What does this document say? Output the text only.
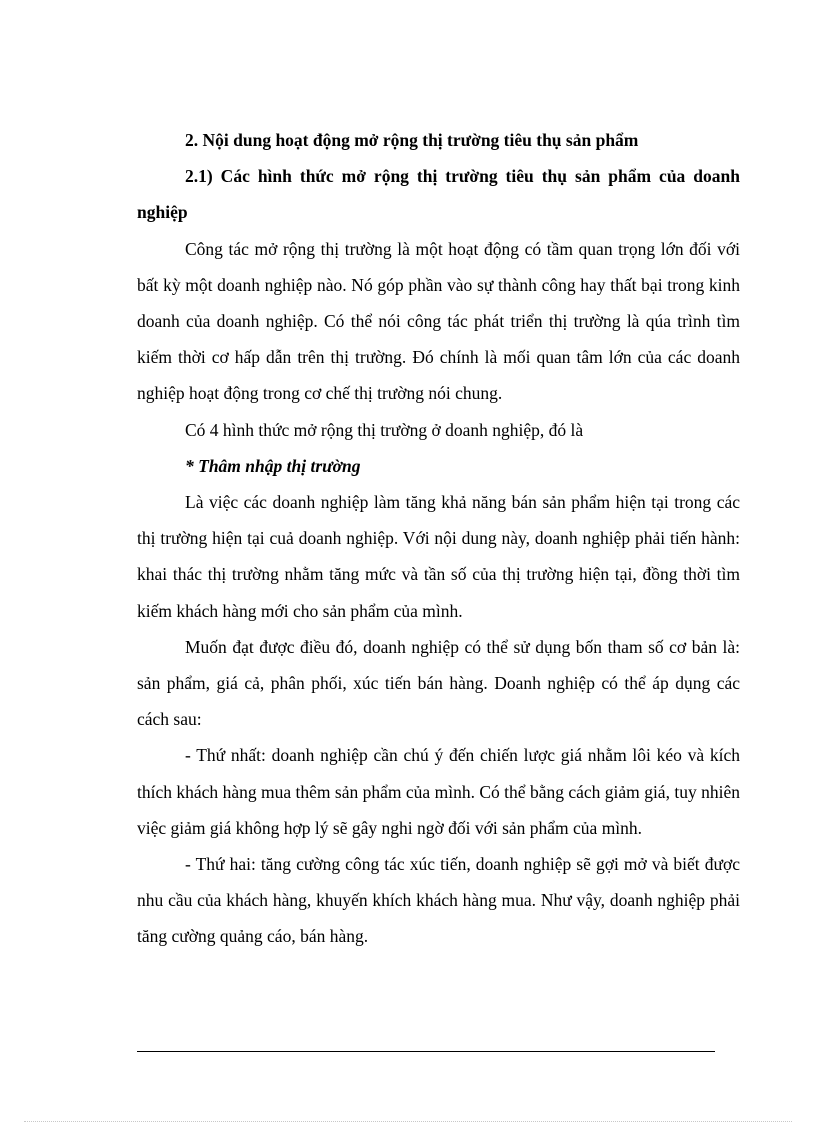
2. Nội dung hoạt động mở rộng thị trường tiêu thụ sản phẩm

2.1) Các hình thức mở rộng thị trường tiêu thụ sản phẩm của doanh nghiệp

Công tác mở rộng thị trường là một hoạt động có tầm quan trọng lớn đối với bất kỳ một doanh nghiệp nào. Nó góp phần vào sự thành công hay thất bại trong kinh doanh của doanh nghiệp. Có thể nói công tác phát triển thị trường là qúa trình tìm kiếm thời cơ hấp dẫn trên thị trường. Đó chính là mối quan tâm lớn của các doanh nghiệp hoạt động trong cơ chế thị trường nói chung.

Có 4 hình thức mở rộng thị trường ở doanh nghiệp, đó là

* Thâm nhập thị trường

Là việc các doanh nghiệp làm tăng khả năng bán sản phẩm hiện tại trong các thị trường hiện tại cuả doanh nghiệp. Với nội dung này, doanh nghiệp phải tiến hành: khai thác thị trường nhằm tăng mức và tần số của thị trường hiện tại, đồng thời tìm kiếm khách hàng mới cho sản phẩm của mình.

Muốn đạt được điều đó, doanh nghiệp có thể sử dụng bốn tham số cơ bản là: sản phẩm, giá cả, phân phối, xúc tiến bán hàng. Doanh nghiệp có thể áp dụng các cách sau:

- Thứ nhất: doanh nghiệp cần chú ý đến chiến lược giá nhằm lôi kéo và kích thích khách hàng mua thêm sản phẩm của mình. Có thể bằng cách giảm giá, tuy nhiên việc giảm giá không hợp lý sẽ gây nghi ngờ đối với sản phẩm của mình.

- Thứ hai: tăng cường công tác xúc tiến, doanh nghiệp sẽ gợi mở và biết được nhu cầu của khách hàng, khuyến khích khách hàng mua. Như vậy, doanh nghiệp phải tăng cường quảng cáo, bán hàng.
